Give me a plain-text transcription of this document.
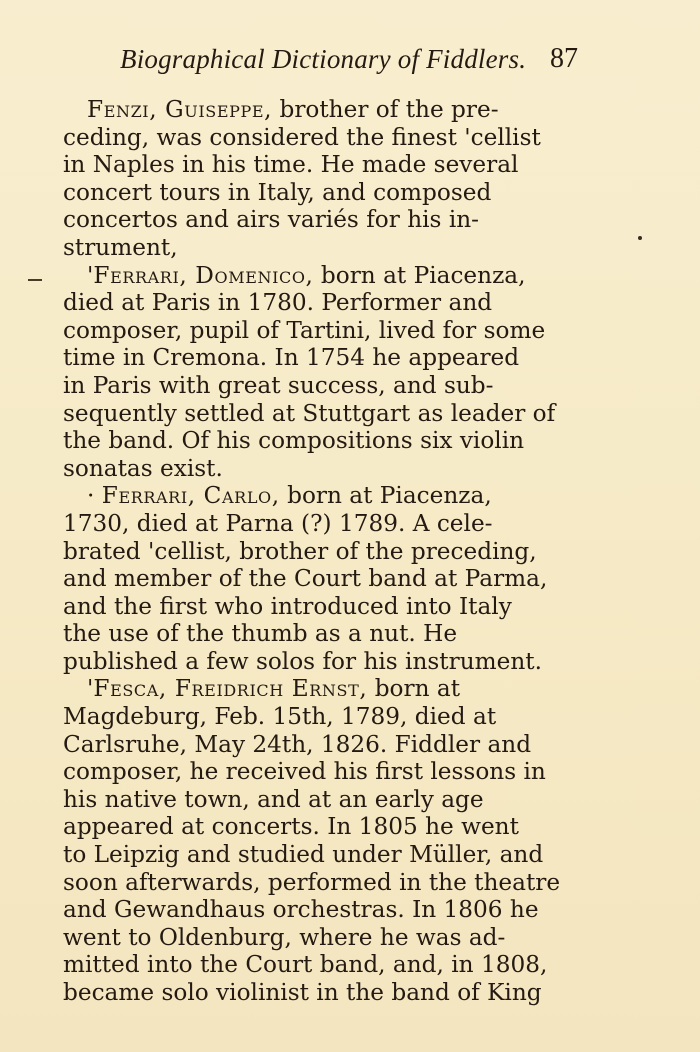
Biographical Dictionary of Fiddlers. 87
Fenzi, Guiseppe, brother of the pre-
ceding, was considered the finest 'cellist
in Naples in his time. He made several
concert tours in Italy, and composed
concertos and airs variés for his in-
strument,
'Ferrari, Domenico, born at Piacenza,
died at Paris in 1780. Performer and
composer, pupil of Tartini, lived for some
time in Cremona. In 1754 he appeared
in Paris with great success, and sub-
sequently settled at Stuttgart as leader of
the band. Of his compositions six violin
sonatas exist.
· Ferrari, Carlo, born at Piacenza,
1730, died at Parna (?) 1789. A cele-
brated 'cellist, brother of the preceding,
and member of the Court band at Parma,
and the first who introduced into Italy
the use of the thumb as a nut. He
published a few solos for his instrument.
'Fesca, Freidrich Ernst, born at
Magdeburg, Feb. 15th, 1789, died at
Carlsruhe, May 24th, 1826. Fiddler and
composer, he received his first lessons in
his native town, and at an early age
appeared at concerts. In 1805 he went
to Leipzig and studied under Müller, and
soon afterwards, performed in the theatre
and Gewandhaus orchestras. In 1806 he
went to Oldenburg, where he was ad-
mitted into the Court band, and, in 1808,
became solo violinist in the band of King
